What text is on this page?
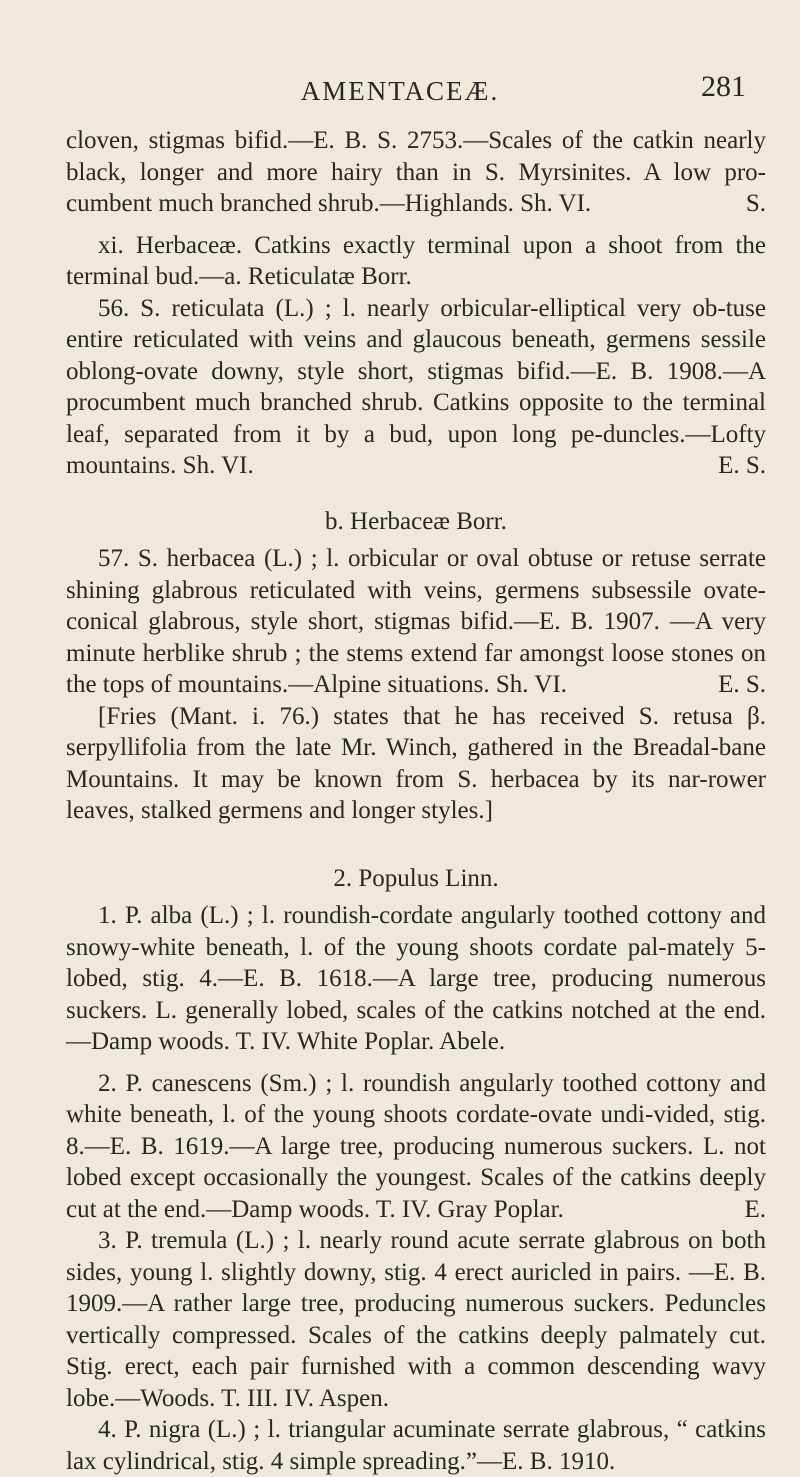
AMENTACEÆ.	281

cloven, stigmas bifid.—E. B. S. 2753.—Scales of the catkin nearly black, longer and more hairy than in S. Myrsinites. A low pro-cumbent much branched shrub.—Highlands. Sh. VI.	S.

xi. Herbaceæ. Catkins exactly terminal upon a shoot from the terminal bud.—a. Reticulatæ Borr.

56. S. reticulata (L.) ; l. nearly orbicular-elliptical very ob-tuse entire reticulated with veins and glaucous beneath, germens sessile oblong-ovate downy, style short, stigmas bifid.—E. B. 1908.—A procumbent much branched shrub. Catkins opposite to the terminal leaf, separated from it by a bud, upon long pe-duncles.—Lofty mountains. Sh. VI.	E. S.

b. Herbaceæ Borr.

57. S. herbacea (L.) ; l. orbicular or oval obtuse or retuse serrate shining glabrous reticulated with veins, germens subsessile ovate-conical glabrous, style short, stigmas bifid.—E. B. 1907. —A very minute herblike shrub ; the stems extend far amongst loose stones on the tops of mountains.—Alpine situations. Sh. VI.	E. S.

[Fries (Mant. i. 76.) states that he has received S. retusa β. serpyllifolia from the late Mr. Winch, gathered in the Breadal-bane Mountains. It may be known from S. herbacea by its nar-rower leaves, stalked germens and longer styles.]

2. Populus Linn.

1. P. alba (L.) ; l. roundish-cordate angularly toothed cottony and snowy-white beneath, l. of the young shoots cordate pal-mately 5-lobed, stig. 4.—E. B. 1618.—A large tree, producing numerous suckers. L. generally lobed, scales of the catkins notched at the end.—Damp woods. T. IV. White Poplar. Abele.

2. P. canescens (Sm.) ; l. roundish angularly toothed cottony and white beneath, l. of the young shoots cordate-ovate undi-vided, stig. 8.—E. B. 1619.—A large tree, producing numerous suckers. L. not lobed except occasionally the youngest. Scales of the catkins deeply cut at the end.—Damp woods. T. IV. Gray Poplar.	E.

3. P. tremula (L.) ; l. nearly round acute serrate glabrous on both sides, young l. slightly downy, stig. 4 erect auricled in pairs. —E. B. 1909.—A rather large tree, producing numerous suckers. Peduncles vertically compressed. Scales of the catkins deeply palmately cut. Stig. erect, each pair furnished with a common descending wavy lobe.—Woods. T. III. IV. Aspen.

4. P. nigra (L.) ; l. triangular acuminate serrate glabrous, “ catkins lax cylindrical, stig. 4 simple spreading.”—E. B. 1910.
